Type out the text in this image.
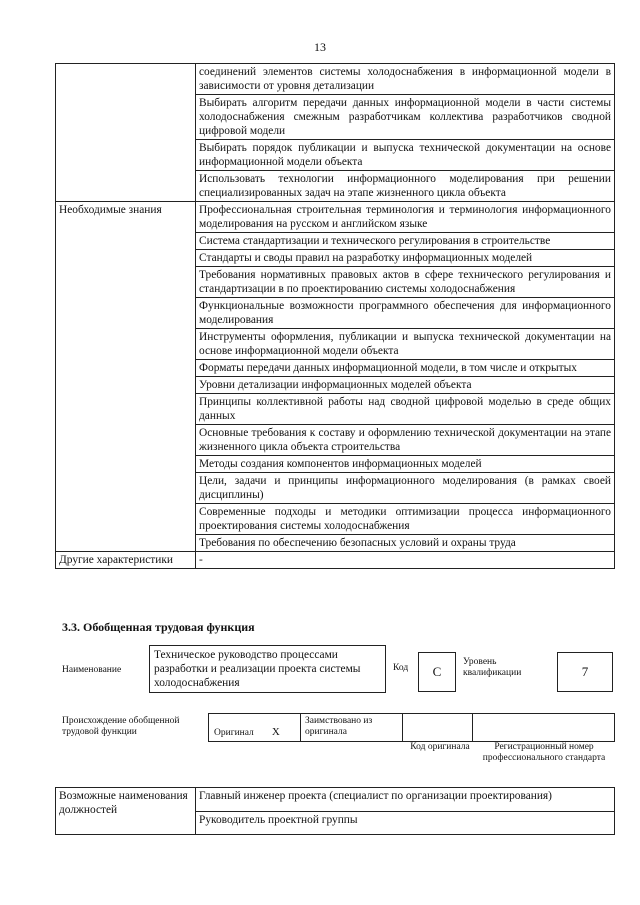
13
	соединений элементов системы холодоснабжения в информационной модели в зависимости от уровня детализации
	Выбирать алгоритм передачи данных информационной модели в части системы холодоснабжения смежным разработчикам коллектива разработчиков сводной цифровой модели
	Выбирать порядок публикации и выпуска технической документации на основе информационной модели объекта
	Использовать технологии информационного моделирования при решении специализированных задач на этапе жизненного цикла объекта
Необходимые знания	Профессиональная строительная терминология и терминология информационного моделирования на русском и английском языке
	Система стандартизации и технического регулирования в строительстве
	Стандарты и своды правил на разработку информационных моделей
	Требования нормативных правовых актов в сфере технического регулирования и стандартизации в по проектированию системы холодоснабжения
	Функциональные возможности программного обеспечения для информационного моделирования
	Инструменты оформления, публикации и выпуска технической документации на основе информационной модели объекта
	Форматы передачи данных информационной модели, в том числе и открытых
	Уровни детализации информационных моделей объекта
	Принципы коллективной работы над сводной цифровой моделью в среде общих данных
	Основные требования к составу и оформлению технической документации на этапе жизненного цикла объекта строительства
	Методы создания компонентов информационных моделей
	Цели, задачи и принципы информационного моделирования (в рамках своей дисциплины)
	Современные подходы и методики оптимизации процесса информационного проектирования системы холодоснабжения
	Требования по обеспечению безопасных условий и охраны труда
Другие характеристики	-
3.3. Обобщенная трудовая функция
Наименование
Техническое руководство процессами разработки и реализации проекта системы холодоснабжения
Код	C
Уровень квалификации	7
Происхождение обобщенной трудовой функции	Оригинал X
Заимствовано из оригинала
Код оригинала	Регистрационный номер профессионального стандарта
Возможные наименования должностей	Главный инженер проекта (специалист по организации проектирования)
Руководитель проектной группы
